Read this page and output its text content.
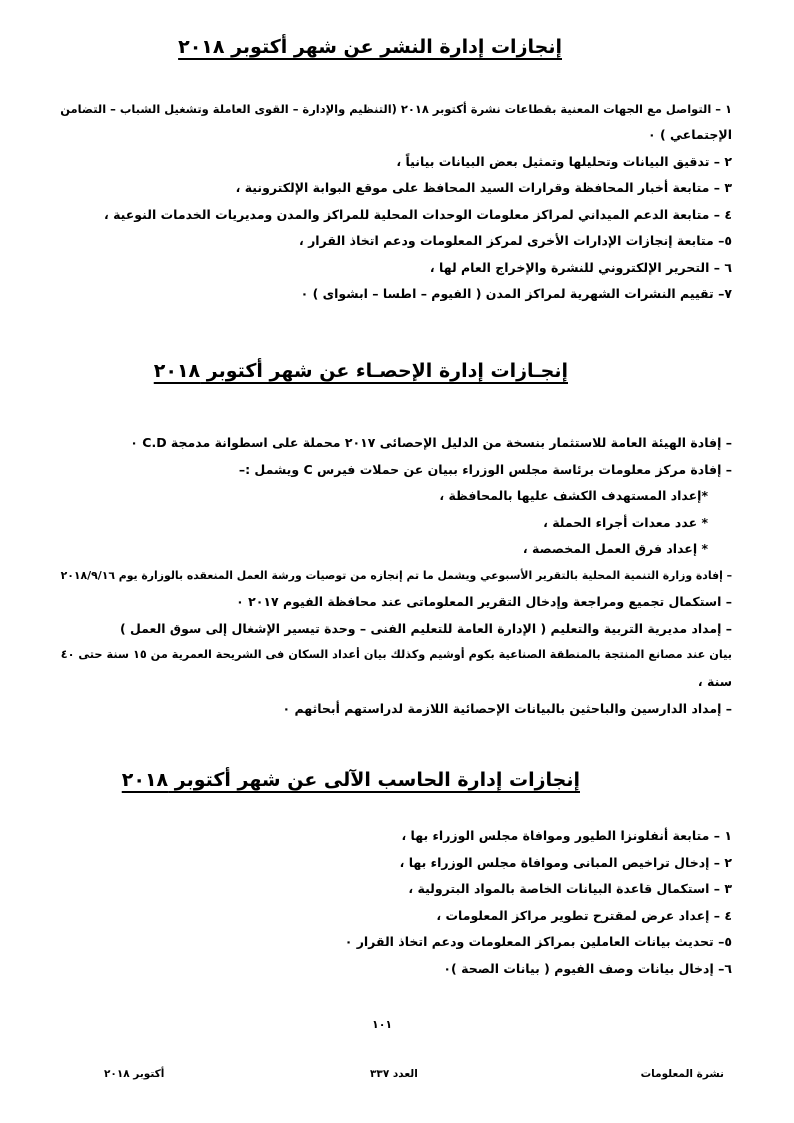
إنجازات إدارة النشر عن شهر أكتوبر ٢٠١٨
١ – التواصل مع الجهات المعنية بقطاعات نشرة أكتوبر ٢٠١٨ (التنظيم والإدارة – القوى العاملة وتشغيل الشباب – التضامن
الإجتماعي ) ٠
٢ – تدقيق البيانات وتحليلها وتمثيل بعض البيانات بيانياً ،
٣ – متابعة أخبار المحافظة وقرارات السيد المحافظ على موقع البوابة الإلكترونية ،
٤ – متابعة الدعم الميداني لمراكز معلومات الوحدات المحلية للمراكز والمدن ومديريات الخدمات النوعية ،
٥– متابعة إنجازات الإدارات الأخرى لمركز المعلومات ودعم اتخاذ القرار ،
٦ – التحرير الإلكتروني للنشرة والإخراج العام لها ،
٧– تقييم النشرات الشهرية لمراكز المدن ( الفيوم – اطسا – ابشواى ) ٠
إنجـازات إدارة الإحصـاء عن شهر أكتوبر ٢٠١٨
– إفادة الهيئة العامة للاستثمار بنسخة من الدليل الإحصائى ٢٠١٧ محملة على اسطوانة مدمجة C.D ٠
– إفادة مركز معلومات برئاسة مجلس الوزراء ببيان عن حملات فيرس C ويشمل :–
*إعداد المستهدف الكشف عليها بالمحافظة ،
* عدد معدات أجراء الحملة ،
* إعداد فرق العمل المخصصة ،
– إفادة وزارة التنمية المحلية بالتقرير الأسبوعي ويشمل ما تم إنجازه من توصيات ورشة العمل المنعقده بالوزارة يوم ٢٠١٨/٩/١٦
– استكمال تجميع ومراجعة وإدخال التقرير المعلوماتى عند محافظة الفيوم ٢٠١٧ ٠
– إمداد مديرية التربية والتعليم ( الإدارة العامة للتعليم الفنى – وحدة تيسير الإشغال إلى سوق العمل )
بيان عند مصانع المنتجة بالمنطقة الصناعية بكوم أوشيم وكذلك بيان أعداد السكان فى الشريحة العمرية من ١٥ سنة حتى ٤٠
سنة ،
– إمداد الدارسين والباحثين بالبيانات الإحصائية اللازمة لدراستهم أبحاثهم ٠
إنجازات إدارة الحاسب الآلى عن شهر أكتوبر ٢٠١٨
١ – متابعة أنفلونزا الطيور وموافاة مجلس الوزراء بها ،
٢ – إدخال تراخيص المبانى وموافاة مجلس الوزراء بها ،
٣ – استكمال قاعدة البيانات الخاصة بالمواد البترولية ،
٤ – إعداد عرض لمقترح تطوير مراكز المعلومات ،
٥– تحديث بيانات العاملين بمراكز المعلومات ودعم اتخاذ القرار ٠
٦– إدخال بيانات وصف الفيوم ( بيانات الصحة )٠
١٠١
نشرة المعلومات
العدد ٣٣٧
أكتوبر ٢٠١٨
